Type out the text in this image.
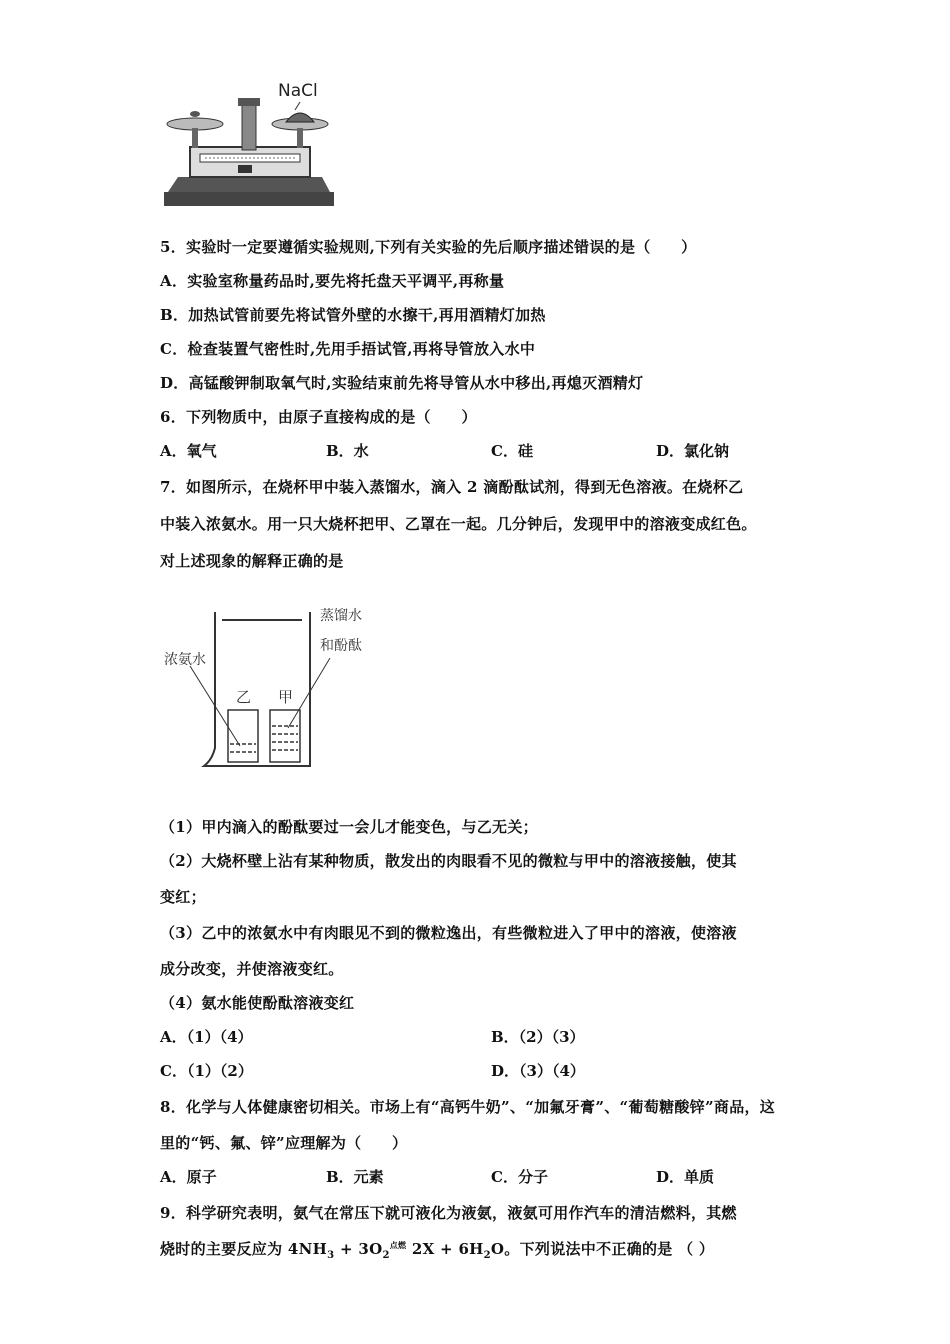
NaCl
5．实验时一定要遵循实验规则,下列有关实验的先后顺序描述错误的是（　　）
A．实验室称量药品时,要先将托盘天平调平,再称量
B．加热试管前要先将试管外壁的水擦干,再用酒精灯加热
C．检查装置气密性时,先用手捂试管,再将导管放入水中
D．高锰酸钾制取氧气时,实验结束前先将导管从水中移出,再熄灭酒精灯
6．下列物质中，由原子直接构成的是（　　）
A．氧气	B．水	C．硅	D．氯化钠
7．如图所示，在烧杯甲中装入蒸馏水，滴入 2 滴酚酞试剂，得到无色溶液。在烧杯乙
中装入浓氨水。用一只大烧杯把甲、乙罩在一起。几分钟后，发现甲中的溶液变成红色。
对上述现象的解释正确的是
蒸馏水
和酚酞
浓氨水
乙 甲
（1）甲内滴入的酚酞要过一会儿才能变色，与乙无关；
（2）大烧杯壁上沾有某种物质，散发出的肉眼看不见的微粒与甲中的溶液接触，使其
变红；
（3）乙中的浓氨水中有肉眼见不到的微粒逸出，有些微粒进入了甲中的溶液，使溶液
成分改变，并使溶液变红。
（4）氨水能使酚酞溶液变红
A．（1）（4）	B．（2）（3）
C．（1）（2）	D．（3）（4）
8．化学与人体健康密切相关。市场上有“高钙牛奶”、“加氟牙膏”、“葡萄糖酸锌”商品，这
里的“钙、氟、锌”应理解为（　　）
A．原子	B．元素	C．分子	D．单质
9．科学研究表明，氨气在常压下就可液化为液氨，液氨可用作汽车的清洁燃料，其燃
烧时的主要反应为 $4NH_3 + 3O_2^{点燃}$ $2X + 6H_2O$。下列说法中不正确的是 （ ）
